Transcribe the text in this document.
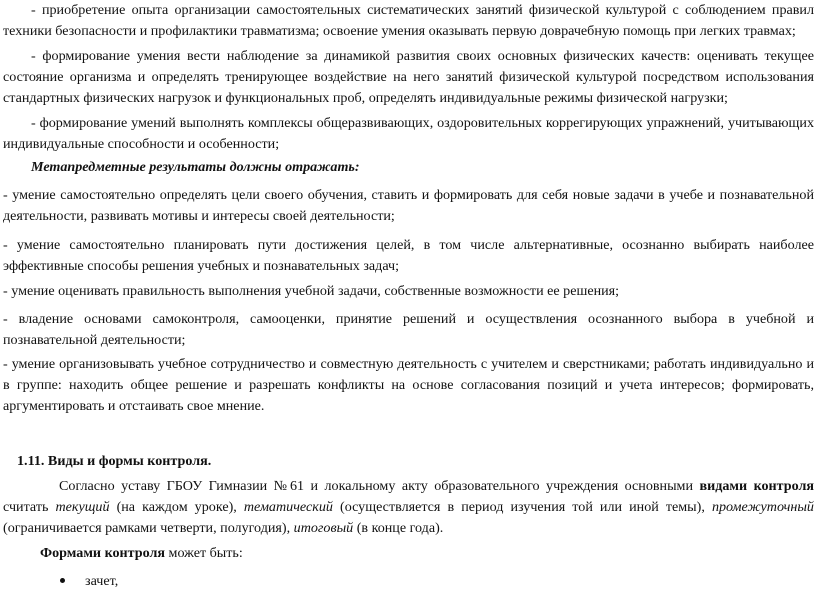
- приобретение опыта организации самостоятельных систематических занятий физической культурой с соблюдением правил техники безопасности и профилактики травматизма; освоение умения оказывать первую доврачебную помощь при легких травмах;

- формирование умения вести наблюдение за динамикой развития своих основных физических качеств: оценивать текущее состояние организма и определять тренирующее воздействие на него занятий физической культурой посредством использования стандартных физических нагрузок и функциональных проб, определять индивидуальные режимы физической нагрузки;

- формирование умений выполнять комплексы общеразвивающих, оздоровительных коррегирующих упражнений, учитывающих индивидуальные способности и особенности;

Метапредметные результаты должны отражать:

- умение самостоятельно определять цели своего обучения, ставить и формировать для себя новые задачи в учебе и познавательной деятельности, развивать мотивы и интересы своей деятельности;

- умение самостоятельно планировать пути достижения целей, в том числе альтернативные, осознанно выбирать наиболее эффективные способы решения учебных и познавательных задач;

- умение оценивать правильность выполнения учебной задачи, собственные возможности ее решения;

- владение основами самоконтроля, самооценки, принятие решений и осуществления осознанного выбора в учебной и познавательной деятельности;

- умение организовывать учебное сотрудничество и совместную деятельность с учителем и сверстниками; работать индивидуально и в группе: находить общее решение и разрешать конфликты на основе согласования позиций и учета интересов; формировать, аргументировать и отстаивать свое мнение.

1.11. Виды и формы контроля.

Согласно уставу ГБОУ Гимназии №61 и локальному акту образовательного учреждения основными видами контроля считать текущий (на каждом уроке), тематический (осуществляется в период изучения той или иной темы), промежуточный (ограничивается рамками четверти, полугодия), итоговый (в конце года).

Формами контроля может быть:

зачет,
